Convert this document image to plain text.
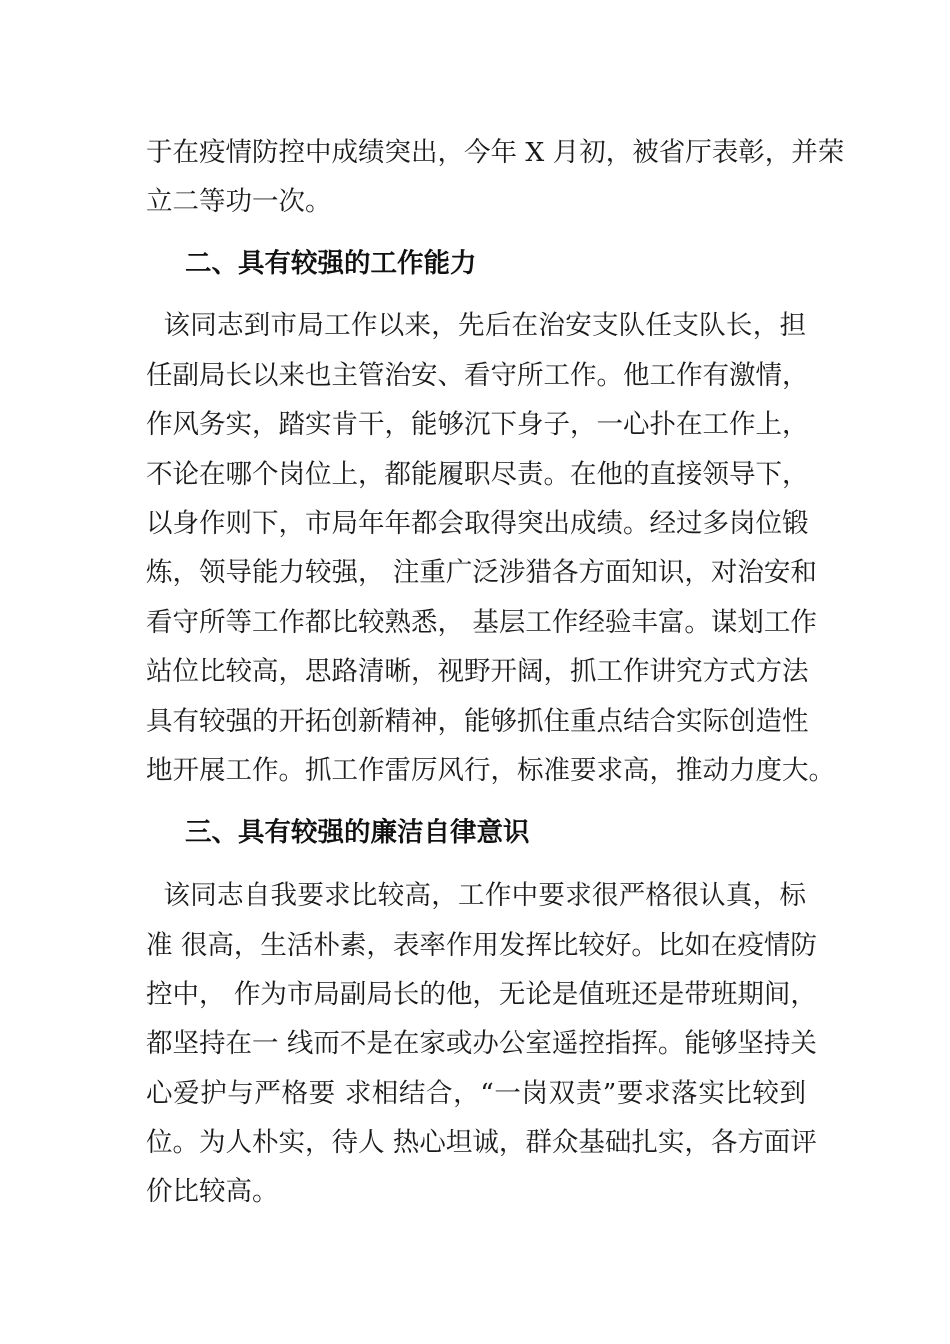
于在疫情防控中成绩突出，今年 X 月初，被省厅表彰，并荣
立二等功一次。
二、具有较强的工作能力
该同志到市局工作以来，先后在治安支队任支队长，担
任副局长以来也主管治安、看守所工作。他工作有激情，
作风务实，踏实肯干，能够沉下身子，一心扑在工作上，
不论在哪个岗位上，都能履职尽责。在他的直接领导下，
以身作则下，市局年年都会取得突出成绩。经过多岗位锻
炼，领导能力较强， 注重广泛涉猎各方面知识，对治安和
看守所等工作都比较熟悉， 基层工作经验丰富。谋划工作
站位比较高，思路清晰，视野开阔，抓工作讲究方式方法
具有较强的开拓创新精神，能够抓住重点结合实际创造性
地开展工作。抓工作雷厉风行，标准要求高，推动力度大。
三、具有较强的廉洁自律意识
该同志自我要求比较高，工作中要求很严格很认真，标
准 很高，生活朴素，表率作用发挥比较好。比如在疫情防
控中， 作为市局副局长的他，无论是值班还是带班期间，
都坚持在一 线而不是在家或办公室遥控指挥。能够坚持关
心爱护与严格要 求相结合，“一岗双责”要求落实比较到
位。为人朴实，待人 热心坦诚，群众基础扎实，各方面评
价比较高。
